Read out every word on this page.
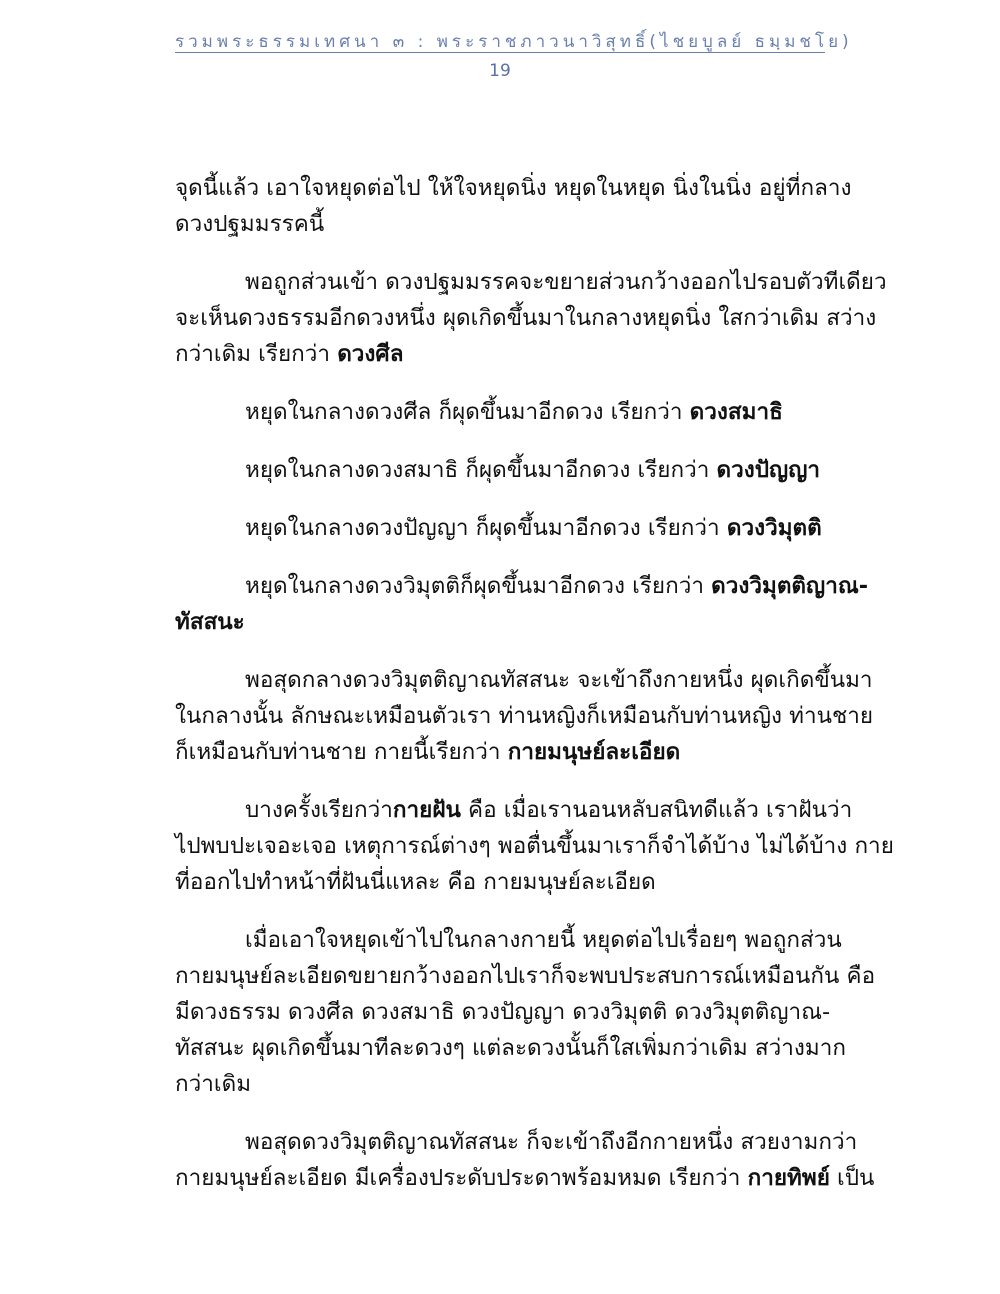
รวมพระธรรมเทศนา ๓ : พระราชภาวนาวิสุทธิ์(ไชยบูลย์ ธมฺมชโย)
19
จุดนี้แล้ว เอาใจหยุดต่อไป ให้ใจหยุดนิ่ง หยุดในหยุด นิ่งในนิ่ง อยู่ที่กลาง
ดวงปฐมมรรคนี้
พอถูกส่วนเข้า ดวงปฐมมรรคจะขยายส่วนกว้างออกไปรอบตัวทีเดียว
จะเห็นดวงธรรมอีกดวงหนึ่ง ผุดเกิดขึ้นมาในกลางหยุดนิ่ง ใสกว่าเดิม สว่าง
กว่าเดิม เรียกว่า ดวงศีล
หยุดในกลางดวงศีล ก็ผุดขึ้นมาอีกดวง เรียกว่า ดวงสมาธิ
หยุดในกลางดวงสมาธิ ก็ผุดขึ้นมาอีกดวง เรียกว่า ดวงปัญญา
หยุดในกลางดวงปัญญา ก็ผุดขึ้นมาอีกดวง เรียกว่า ดวงวิมุตติ
หยุดในกลางดวงวิมุตติก็ผุดขึ้นมาอีกดวง เรียกว่า ดวงวิมุตติญาณ-
ทัสสนะ
พอสุดกลางดวงวิมุตติญาณทัสสนะ จะเข้าถึงกายหนึ่ง ผุดเกิดขึ้นมา
ในกลางนั้น ลักษณะเหมือนตัวเรา ท่านหญิงก็เหมือนกับท่านหญิง ท่านชาย
ก็เหมือนกับท่านชาย กายนี้เรียกว่า กายมนุษย์ละเอียด
บางครั้งเรียกว่ากายฝัน คือ เมื่อเรานอนหลับสนิทดีแล้ว เราฝันว่า
ไปพบปะเจอะเจอ เหตุการณ์ต่างๆ พอตื่นขึ้นมาเราก็จำได้บ้าง ไม่ได้บ้าง กาย
ที่ออกไปทำหน้าที่ฝันนี่แหละ คือ กายมนุษย์ละเอียด
เมื่อเอาใจหยุดเข้าไปในกลางกายนี้ หยุดต่อไปเรื่อยๆ พอถูกส่วน
กายมนุษย์ละเอียดขยายกว้างออกไปเราก็จะพบประสบการณ์เหมือนกัน คือ
มีดวงธรรม ดวงศีล ดวงสมาธิ ดวงปัญญา ดวงวิมุตติ ดวงวิมุตติญาณ-
ทัสสนะ ผุดเกิดขึ้นมาทีละดวงๆ แต่ละดวงนั้นก็ใสเพิ่มกว่าเดิม สว่างมาก
กว่าเดิม
พอสุดดวงวิมุตติญาณทัสสนะ ก็จะเข้าถึงอีกกายหนึ่ง สวยงามกว่า
กายมนุษย์ละเอียด มีเครื่องประดับประดาพร้อมหมด เรียกว่า กายทิพย์ เป็น
